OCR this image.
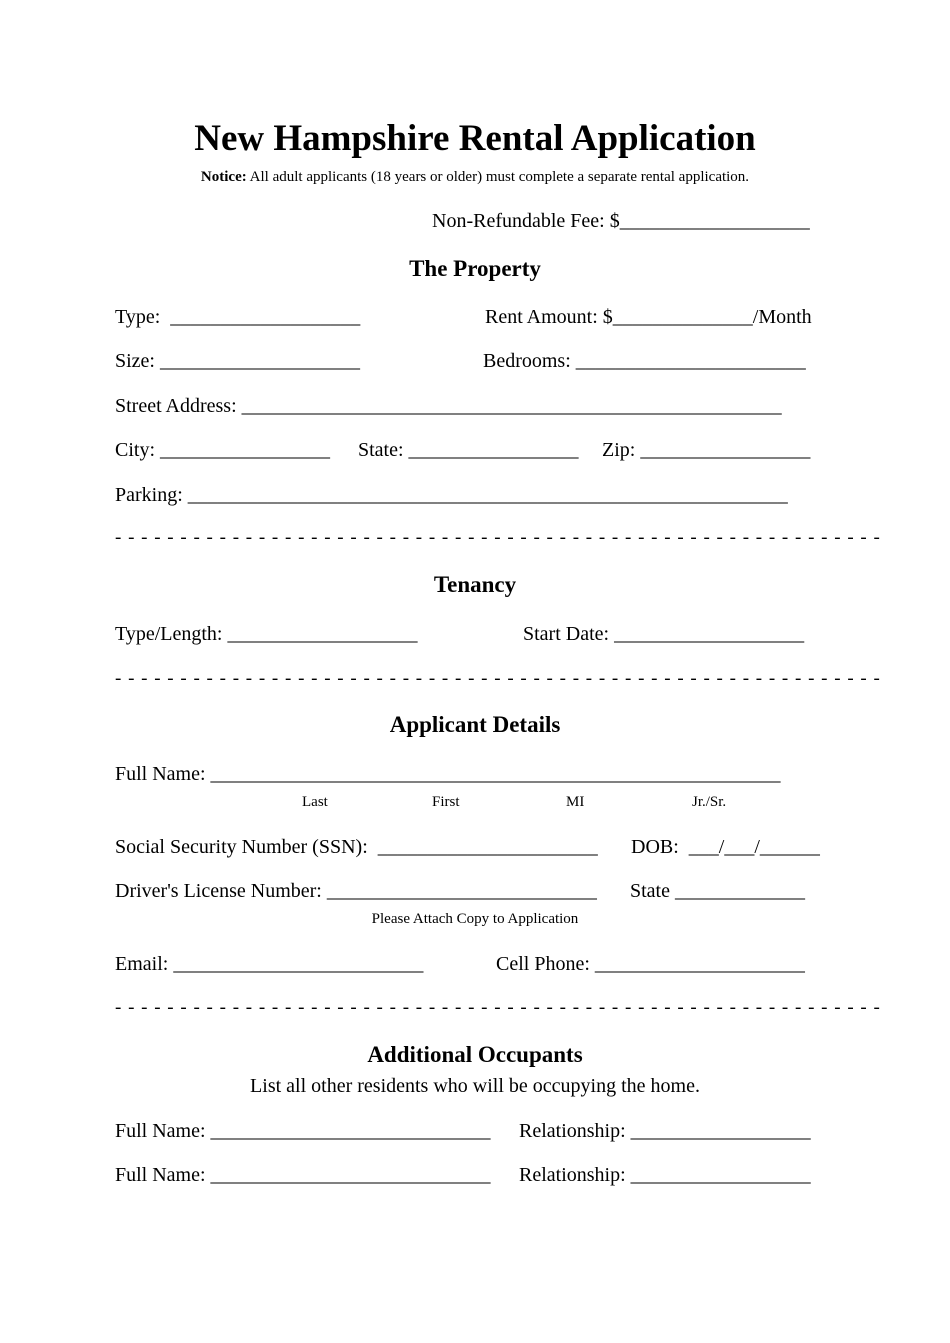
New Hampshire Rental Application
Notice: All adult applicants (18 years or older) must complete a separate rental application.
Non-Refundable Fee: $___________________
The Property
Type:  ___________________	Rent Amount: $______________/Month
Size: ____________________	Bedrooms: _______________________
Street Address: ______________________________________________________
City: _________________ State: _________________ Zip: _________________
Parking: ____________________________________________________________
- - - - - - - - - - - - - - - - - - - - - - - - - - - - - - - - - - - - - - - - - - - - - - - - - - - - - - - - - - -
Tenancy
Type/Length: ___________________	Start Date: ___________________
- - - - - - - - - - - - - - - - - - - - - - - - - - - - - - - - - - - - - - - - - - - - - - - - - - - - - - - - - - -
Applicant Details
Full Name: _________________________________________________________
Last	First	MI	Jr./Sr.
Social Security Number (SSN):  ______________________ DOB:  ___/___/______
Driver's License Number: ___________________________ State _____________
Please Attach Copy to Application
Email: _________________________	Cell Phone: _____________________
- - - - - - - - - - - - - - - - - - - - - - - - - - - - - - - - - - - - - - - - - - - - - - - - - - - - - - - - - - -
Additional Occupants
List all other residents who will be occupying the home.
Full Name: ____________________________ Relationship: __________________
Full Name: ____________________________ Relationship: __________________
